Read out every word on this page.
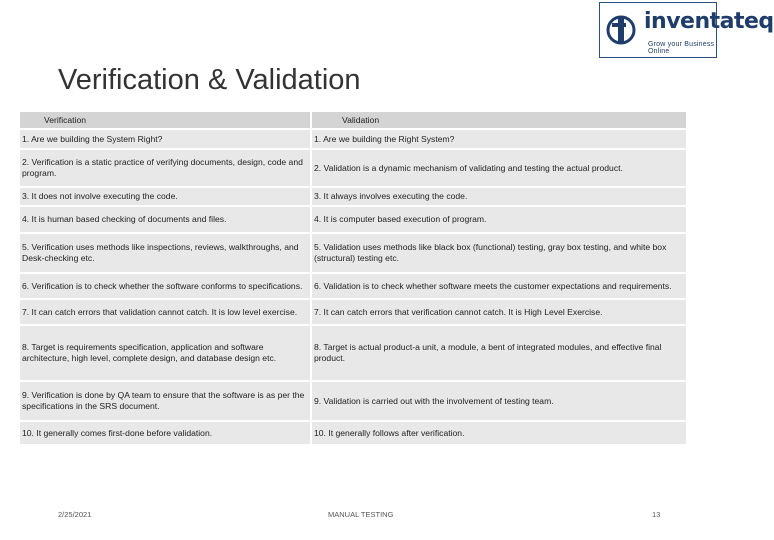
inventateq
Grow your Business Online
Verification & Validation
Verification	Validation
1. Are we building the System Right?	1. Are we building the Right System?
2. Verification is a static practice of verifying documents, design, code and program.	2. Validation is a dynamic mechanism of validating and testing the actual product.
3. It does not involve executing the code.	3. It always involves executing the code.
4. It is human based checking of documents and files.	4. It is computer based execution of program.
5. Verification uses methods like inspections, reviews, walkthroughs, and Desk-checking etc.	5. Validation uses methods like black box (functional) testing, gray box testing, and white box (structural) testing etc.
6. Verification is to check whether the software conforms to specifications.	6. Validation is to check whether software meets the customer expectations and requirements.
7. It can catch errors that validation cannot catch. It is low level exercise.	7. It can catch errors that verification cannot catch. It is High Level Exercise.
8. Target is requirements specification, application and software architecture, high level, complete design, and database design etc.	8. Target is actual product-a unit, a module, a bent of integrated modules, and effective final product.
9. Verification is done by QA team to ensure that the software is as per the specifications in the SRS document.	9. Validation is carried out with the involvement of testing team.
10. It generally comes first-done before validation.	10. It generally follows after verification.
2/25/2021	MANUAL TESTING	13
